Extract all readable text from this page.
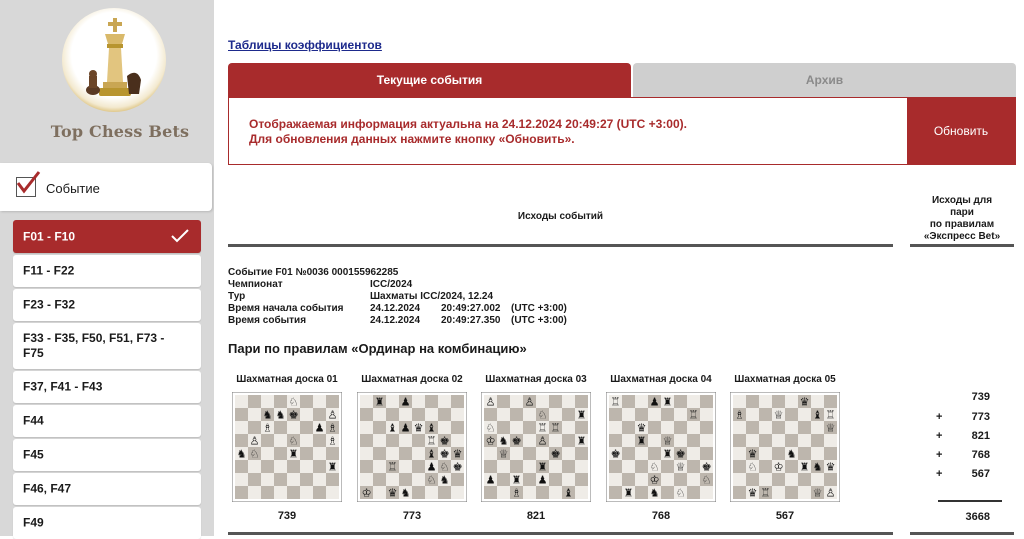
Top Chess Bets
Событие
F01 - F10
F11 - F22
F23 - F32
F33 - F35, F50, F51, F73 - F75
F37, F41 - F43
F44
F45
F46, F47
F49
Таблицы коэффициентов
Текущие события	Архив
Отображаемая информация актуальна на 24.12.2024 20:49:27 (UTC +3:00).
Для обновления данных нажмите кнопку «Обновить».
Обновить
Исходы событий
Исходы для
пари
по правилам
«Экспресс Bet»
Событие F01 №0036 000155962285
Чемпионат	ICC/2024
Тур	Шахматы ICC/2024, 12.24
Время начала события	24.12.2024 20:49:27.002 (UTC +3:00)
Время события	24.12.2024 20:49:27.350 (UTC +3:00)
Пари по правилам «Ординар на комбинацию»
Шахматная доска 01
♘
♞ ♞ ♚	♙
♗	♟ ♗
♙	♘	♗
♞ ♘	♜
♜
739
Шахматная доска 02
♜ ♟
♝ ♟ ♛ ♝
♖ ♚
♝ ♚ ♛
♖	♟ ♘ ♚
♘ ♞
♔ ♛ ♞
773
Шахматная доска 03
♙	♙
♘	♜
♘	♖ ♖
♔ ♞ ♚ ♙	♜
♕	♚
♜
♟ ♜ ♟
♗	♝
821
Шахматная доска 04
♖	♟ ♜
♖
♛
♜ ♕
♚	♜ ♚
♘ ♕ ♚
♔	♘
♜ ♞ ♘
768
Шахматная доска 05
♛
♗	♕	♝ ♖
♕
♛	♞
♘ ♔ ♜ ♞ ♛
♛ ♖	♕ ♙
567
739
+	773
+	821
+	768
+	567
3668
